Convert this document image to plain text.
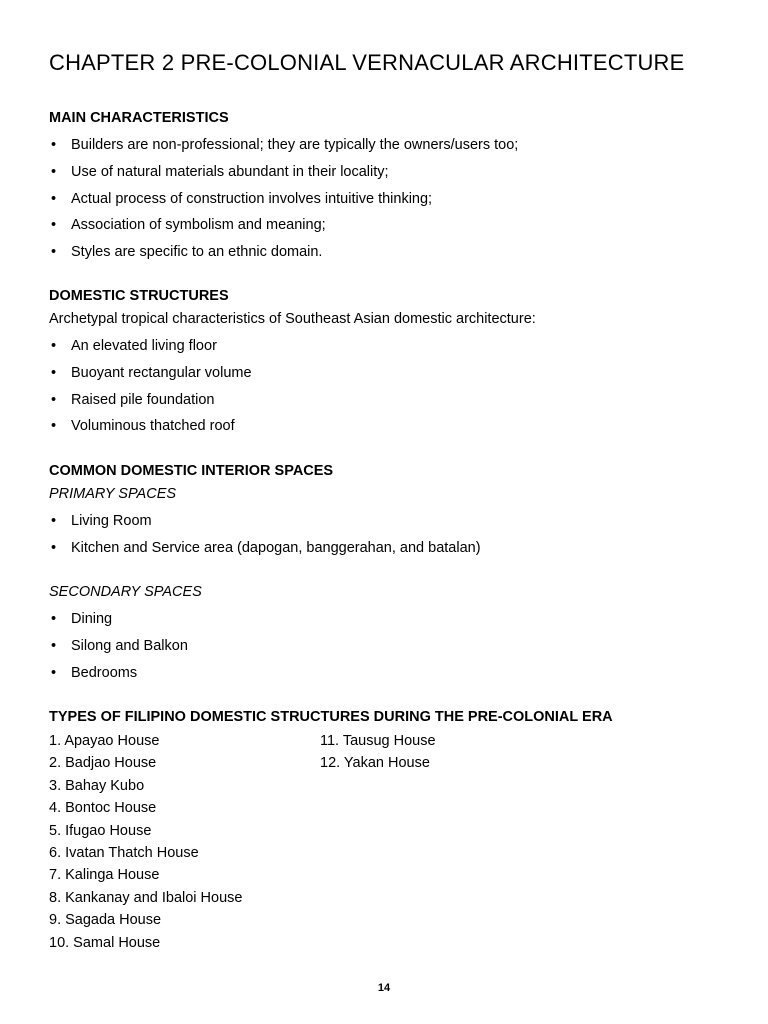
CHAPTER 2 PRE-COLONIAL VERNACULAR ARCHITECTURE
MAIN CHARACTERISTICS
• Builders are non-professional; they are typically the owners/users too;
• Use of natural materials abundant in their locality;
• Actual process of construction involves intuitive thinking;
• Association of symbolism and meaning;
• Styles are specific to an ethnic domain.
DOMESTIC STRUCTURES

Archetypal tropical characteristics of Southeast Asian domestic architecture:

• An elevated living floor
• Buoyant rectangular volume
• Raised pile foundation
• Voluminous thatched roof
COMMON DOMESTIC INTERIOR SPACES

PRIMARY SPACES

• Living Room
• Kitchen and Service area (dapogan, banggerahan, and batalan)

SECONDARY SPACES

• Dining
• Silong and Balkon
• Bedrooms
TYPES OF FILIPINO DOMESTIC STRUCTURES DURING THE PRE-COLONIAL ERA
1. Apayao House
2. Badjao House
3. Bahay Kubo
4. Bontoc House
5. Ifugao House
6. Ivatan Thatch House
7. Kalinga House
8. Kankanay and Ibaloi House
9. Sagada House
10. Samal House
11. Tausug House
12. Yakan House
14
